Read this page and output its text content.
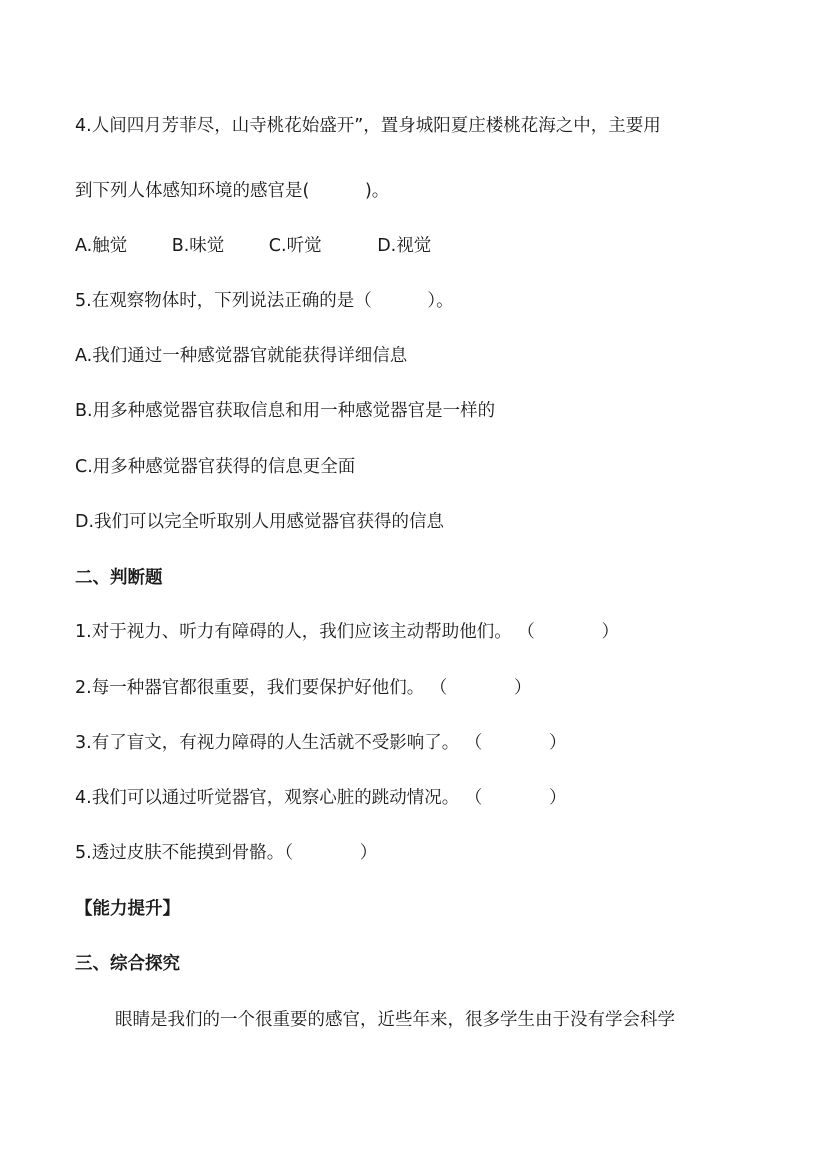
4.人间四月芳菲尽，山寺桃花始盛开”，置身城阳夏庄楼桃花海之中，主要用
到下列人体感知环境的感官是(          )。
A.触觉        B.味觉        C.听觉          D.视觉
5.在观察物体时，下列说法正确的是（          ）。
A.我们通过一种感觉器官就能获得详细信息
B.用多种感觉器官获取信息和用一种感觉器官是一样的
C.用多种感觉器官获得的信息更全面
D.我们可以完全听取别人用感觉器官获得的信息
二、判断题
1.对于视力、听力有障碍的人，我们应该主动帮助他们。 （            ）
2.每一种器官都很重要，我们要保护好他们。 （            ）
3.有了盲文，有视力障碍的人生活就不受影响了。 （            ）
4.我们可以通过听觉器官，观察心脏的跳动情况。 （            ）
5.透过皮肤不能摸到骨骼。（            ）
【能力提升】
三、综合探究
眼睛是我们的一个很重要的感官，近些年来，很多学生由于没有学会科学
